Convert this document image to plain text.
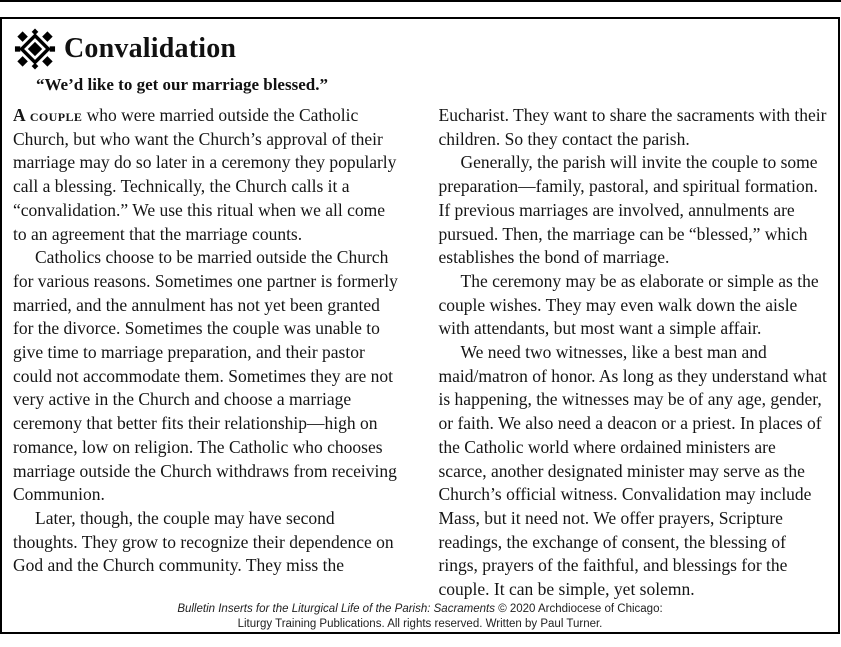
Convalidation
“We’d like to get our marriage blessed.”

A couple who were married outside the Catholic Church, but who want the Church’s approval of their marriage may do so later in a ceremony they popularly call a blessing. Technically, the Church calls it a “convalidation.” We use this ritual when we all come to an agreement that the marriage counts.

Catholics choose to be married outside the Church for various reasons. Sometimes one partner is formerly married, and the annulment has not yet been granted for the divorce. Sometimes the couple was unable to give time to marriage preparation, and their pastor could not accommodate them. Sometimes they are not very active in the Church and choose a marriage ceremony that better fits their relationship—high on romance, low on religion. The Catholic who chooses marriage outside the Church withdraws from receiving Communion.

Later, though, the couple may have second thoughts. They grow to recognize their dependence on God and the Church community. They miss the

Eucharist. They want to share the sacraments with their children. So they contact the parish.

Generally, the parish will invite the couple to some preparation—family, pastoral, and spiritual formation. If previous marriages are involved, annulments are pursued. Then, the marriage can be “blessed,” which establishes the bond of marriage.

The ceremony may be as elaborate or simple as the couple wishes. They may even walk down the aisle with attendants, but most want a simple affair.

We need two witnesses, like a best man and maid/matron of honor. As long as they understand what is happening, the witnesses may be of any age, gender, or faith. We also need a deacon or a priest. In places of the Catholic world where ordained ministers are scarce, another designated minister may serve as the Church’s official witness. Convalidation may include Mass, but it need not. We offer prayers, Scripture readings, the exchange of consent, the blessing of rings, prayers of the faithful, and blessings for the couple. It can be simple, yet solemn.

Bulletin Inserts for the Liturgical Life of the Parish: Sacraments © 2020 Archdiocese of Chicago:
Liturgy Training Publications. All rights reserved. Written by Paul Turner.
